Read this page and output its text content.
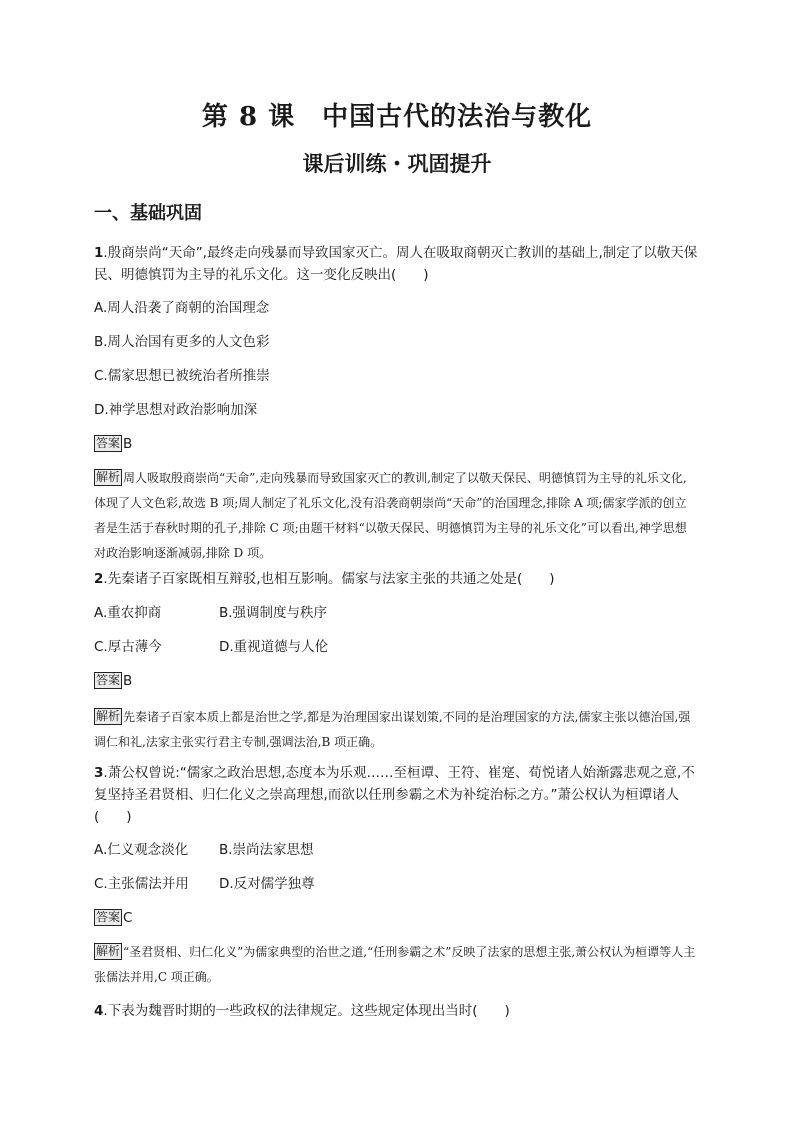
第 8 课　中国古代的法治与教化
课后训练・巩固提升
一、基础巩固
1.殷商崇尚“天命”,最终走向残暴而导致国家灭亡。周人在吸取商朝灭亡教训的基础上,制定了以敬天保民、明德慎罚为主导的礼乐文化。这一变化反映出(　　)
A.周人沿袭了商朝的治国理念
B.周人治国有更多的人文色彩
C.儒家思想已被统治者所推崇
D.神学思想对政治影响加深
答案 B
解析 周人吸取殷商崇尚“天命”,走向残暴而导致国家灭亡的教训,制定了以敬天保民、明德慎罚为主导的礼乐文化,体现了人文色彩,故选 B 项;周人制定了礼乐文化,没有沿袭商朝崇尚“天命”的治国理念,排除 A 项;儒家学派的创立者是生活于春秋时期的孔子,排除 C 项;由题干材料“以敬天保民、明德慎罚为主导的礼乐文化”可以看出,神学思想对政治影响逐渐减弱,排除 D 项。
2.先秦诸子百家既相互辩驳,也相互影响。儒家与法家主张的共通之处是(　　)
A.重农抑商	B.强调制度与秩序
C.厚古薄今	D.重视道德与人伦
答案 B
解析 先秦诸子百家本质上都是治世之学,都是为治理国家出谋划策,不同的是治理国家的方法,儒家主张以德治国,强调仁和礼,法家主张实行君主专制,强调法治,B 项正确。
3.萧公权曾说:“儒家之政治思想,态度本为乐观……至桓谭、王符、崔寔、荀悦诸人始渐露悲观之意,不复坚持圣君贤相、归仁化义之崇高理想,而欲以任刑参霸之术为补绽治标之方。”萧公权认为桓谭诸人(　　)
A.仁义观念淡化 B.崇尚法家思想
C.主张儒法并用 D.反对儒学独尊
答案 C
解析 “圣君贤相、归仁化义”为儒家典型的治世之道,“任刑参霸之术”反映了法家的思想主张,萧公权认为桓谭等人主张儒法并用,C 项正确。
4.下表为魏晋时期的一些政权的法律规定。这些规定体现出当时(　　)
